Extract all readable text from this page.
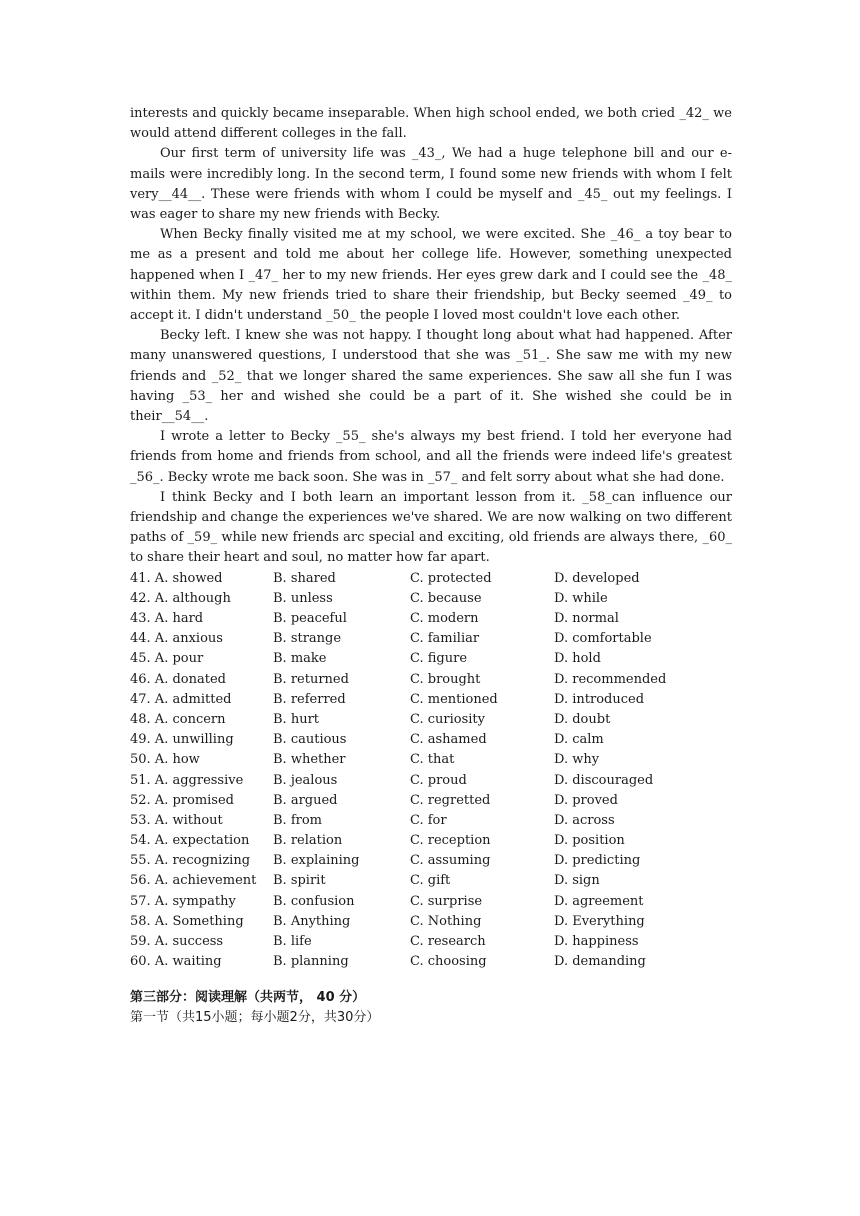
interests and quickly became inseparable. When high school ended, we both cried _42_ we would attend different colleges in the fall.

Our first term of university life was _43_, We had a huge telephone bill and our e-mails were incredibly long. In the second term, I found some new friends with whom I felt very__44__. These were friends with whom I could be myself and _45_ out my feelings. I was eager to share my new friends with Becky.

When Becky finally visited me at my school, we were excited. She _46_ a toy bear to me as a present and told me about her college life. However, something unexpected happened when I _47_ her to my new friends. Her eyes grew dark and I could see the _48_ within them. My new friends tried to share their friendship, but Becky seemed _49_ to accept it. I didn't understand _50_ the people I loved most couldn't love each other.

Becky left. I knew she was not happy. I thought long about what had happened. After many unanswered questions, I understood that she was _51_. She saw me with my new friends and _52_ that we longer shared the same experiences. She saw all she fun I was having _53_ her and wished she could be a part of it. She wished she could be in their__54__.

I wrote a letter to Becky _55_ she's always my best friend. I told her everyone had friends from home and friends from school, and all the friends were indeed life's greatest _56_. Becky wrote me back soon. She was in _57_ and felt sorry about what she had done.

I think Becky and I both learn an important lesson from it. _58_can influence our friendship and change the experiences we've shared. We are now walking on two different paths of _59_ while new friends arc special and exciting, old friends are always there, _60_ to share their heart and soul, no matter how far apart.

41. A. showed	B. shared	C. protected	D. developed
42. A. although	B. unless	C. because	D. while
43. A. hard	B. peaceful	C. modern	D. normal
44. A. anxious	B. strange	C. familiar	D. comfortable
45. A. pour	B. make	C. figure	D. hold
46. A. donated	B. returned	C. brought	D. recommended
47. A. admitted	B. referred	C. mentioned	D. introduced
48. A. concern	B. hurt	C. curiosity	D. doubt
49. A. unwilling	B. cautious	C. ashamed	D. calm
50. A. how	B. whether	C. that	D. why
51. A. aggressive B. jealous	C. proud	D. discouraged
52. A. promised	B. argued	C. regretted	D. proved
53. A. without	B. from	C. for	D. across
54. A. expectation B. relation	C. reception	D. position
55. A. recognizing B. explaining	C. assuming	D. predicting
56. A. achievement B. spirit	C. gift	D. sign
57. A. sympathy	B. confusion	C. surprise	D. agreement
58. A. Something B. Anything	C. Nothing	D. Everything
59. A. success	B. life	C. research	D. happiness
60. A. waiting	B. planning	C. choosing	D. demanding
第三部分：阅读理解（共两节， 40 分）
第一节（共15小题；每小题2分，共30分）
